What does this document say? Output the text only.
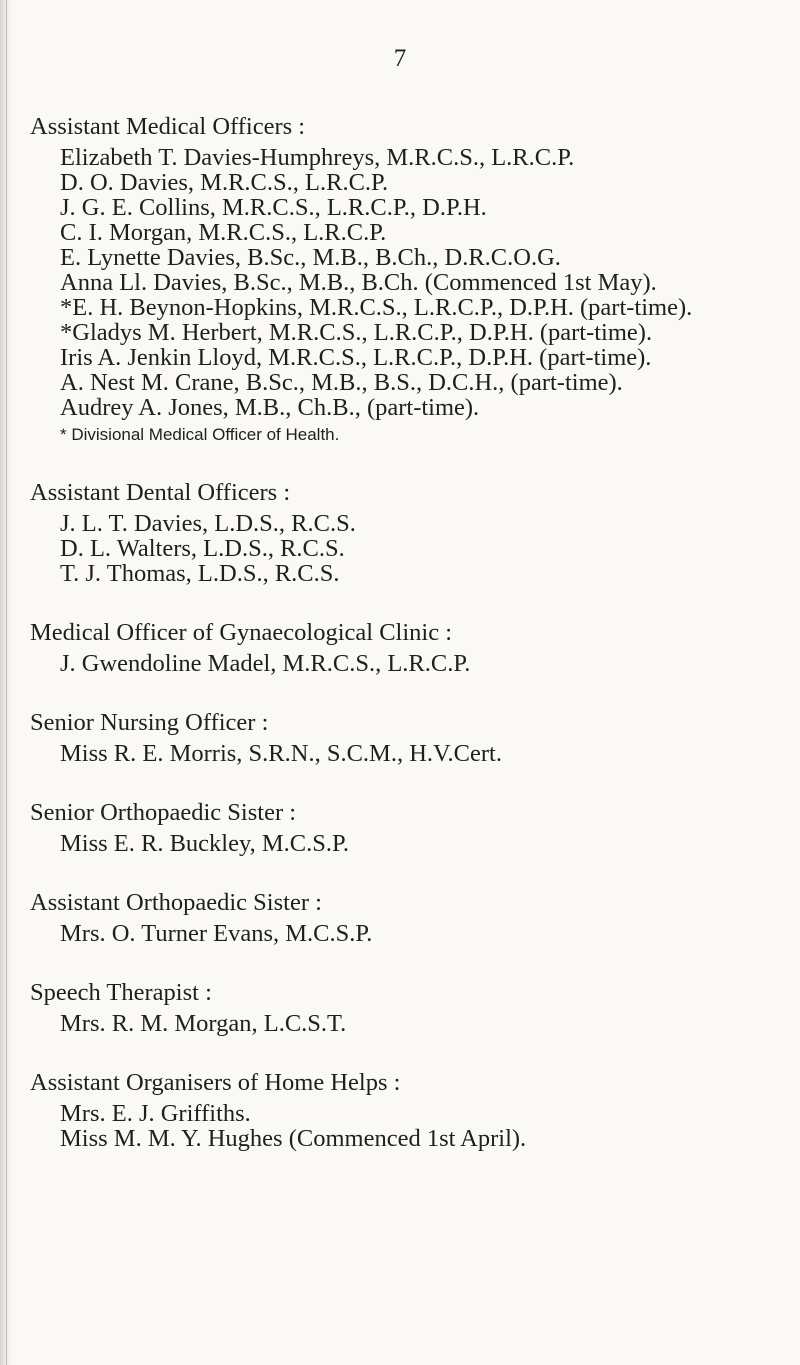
7
Assistant Medical Officers :
Elizabeth T. Davies-Humphreys, M.R.C.S., L.R.C.P.
D. O. Davies, M.R.C.S., L.R.C.P.
J. G. E. Collins, M.R.C.S., L.R.C.P., D.P.H.
C. I. Morgan, M.R.C.S., L.R.C.P.
E. Lynette Davies, B.Sc., M.B., B.Ch., D.R.C.O.G.
Anna Ll. Davies, B.Sc., M.B., B.Ch. (Commenced 1st May).
*E. H. Beynon-Hopkins, M.R.C.S., L.R.C.P., D.P.H. (part-time).
*Gladys M. Herbert, M.R.C.S., L.R.C.P., D.P.H. (part-time).
Iris A. Jenkin Lloyd, M.R.C.S., L.R.C.P., D.P.H. (part-time).
A. Nest M. Crane, B.Sc., M.B., B.S., D.C.H., (part-time).
Audrey A. Jones, M.B., Ch.B., (part-time).
* Divisional Medical Officer of Health.
Assistant Dental Officers :
J. L. T. Davies, L.D.S., R.C.S.
D. L. Walters, L.D.S., R.C.S.
T. J. Thomas, L.D.S., R.C.S.
Medical Officer of Gynaecological Clinic :
J. Gwendoline Madel, M.R.C.S., L.R.C.P.
Senior Nursing Officer :
Miss R. E. Morris, S.R.N., S.C.M., H.V.Cert.
Senior Orthopaedic Sister :
Miss E. R. Buckley, M.C.S.P.
Assistant Orthopaedic Sister :
Mrs. O. Turner Evans, M.C.S.P.
Speech Therapist :
Mrs. R. M. Morgan, L.C.S.T.
Assistant Organisers of Home Helps :
Mrs. E. J. Griffiths.
Miss M. M. Y. Hughes (Commenced 1st April).
